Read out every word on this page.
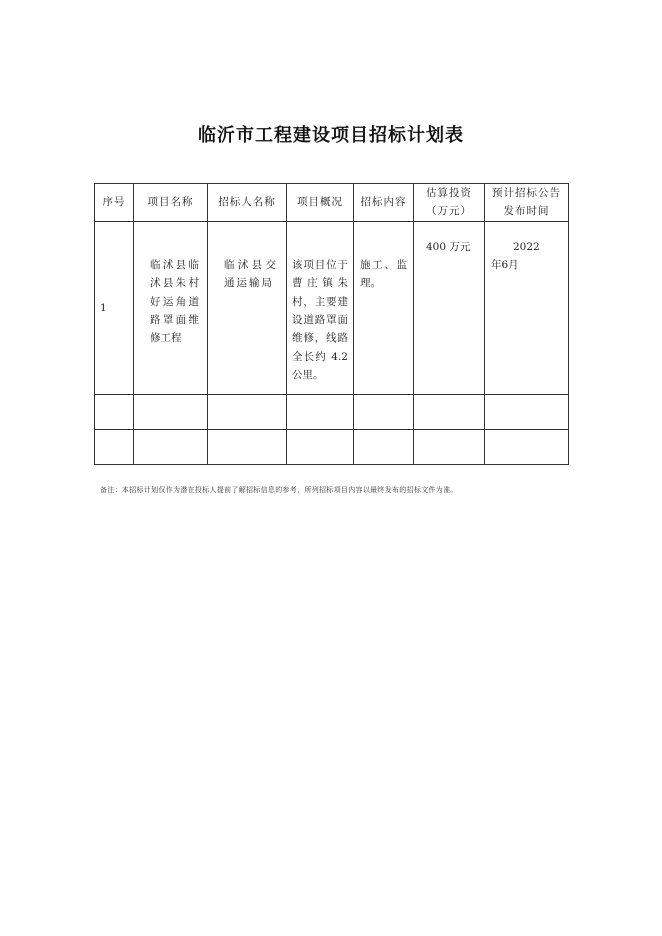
临沂市工程建设项目招标计划表
序号	项目名称	招标人名称	项目概况	招标内容	估算投资（万元）	预计招标公告发布时间
1	临沭县临沭县朱村好运角道路罩面维修工程	临沭县交通运输局	该项目位于曹庄镇朱村，主要建设道路罩面维修，线路全长约 4.2 公里。	施工、监理。	400 万元	2022 年6月

备注：本招标计划仅作为潜在投标人提前了解招标信息的参考，所列招标项目内容以最终发布的招标文件为准。
